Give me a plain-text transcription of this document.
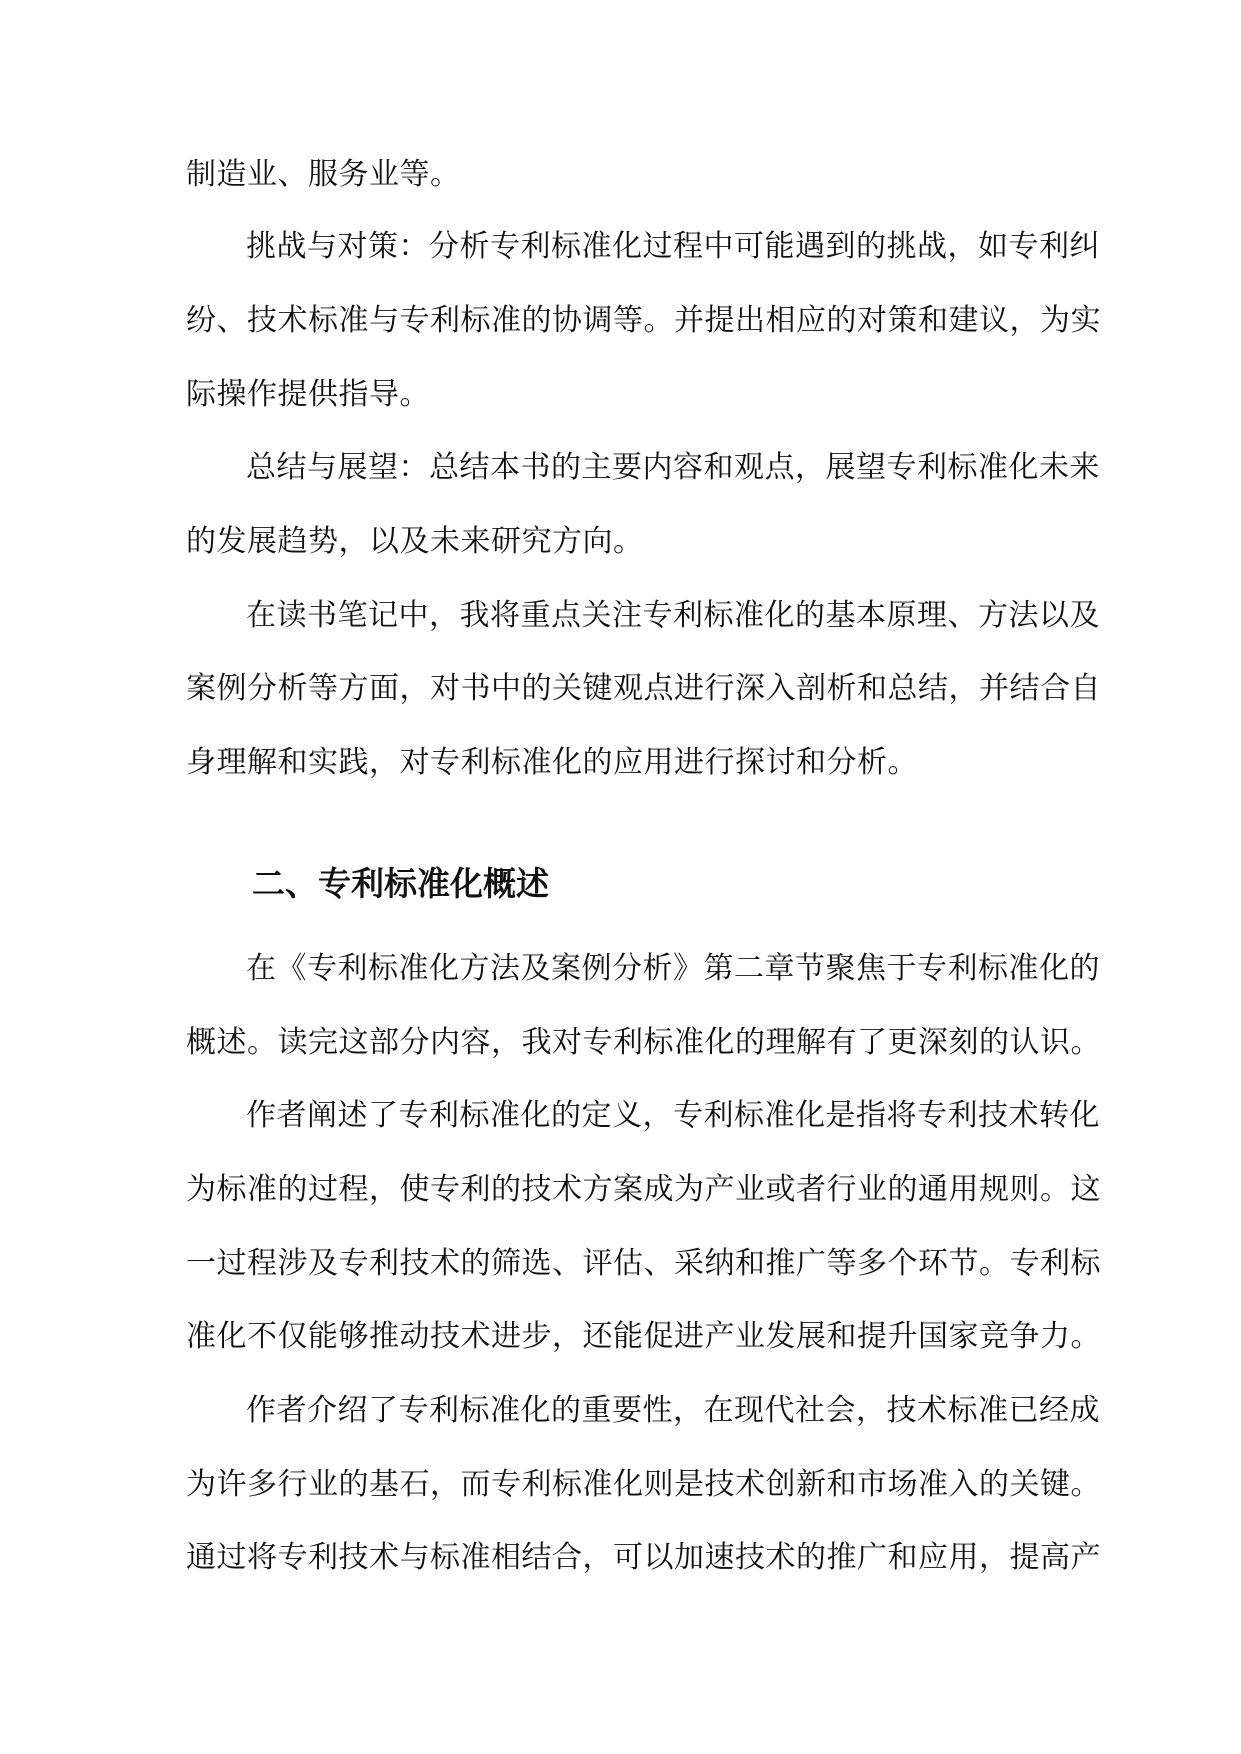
制造业、服务业等。
挑战与对策：分析专利标准化过程中可能遇到的挑战，如专利纠
纷、技术标准与专利标准的协调等。并提出相应的对策和建议，为实
际操作提供指导。
总结与展望：总结本书的主要内容和观点，展望专利标准化未来
的发展趋势，以及未来研究方向。
在读书笔记中，我将重点关注专利标准化的基本原理、方法以及
案例分析等方面，对书中的关键观点进行深入剖析和总结，并结合自
身理解和实践，对专利标准化的应用进行探讨和分析。
二、专利标准化概述
在《专利标准化方法及案例分析》第二章节聚焦于专利标准化的
概述。读完这部分内容，我对专利标准化的理解有了更深刻的认识。
作者阐述了专利标准化的定义，专利标准化是指将专利技术转化
为标准的过程，使专利的技术方案成为产业或者行业的通用规则。这
一过程涉及专利技术的筛选、评估、采纳和推广等多个环节。专利标
准化不仅能够推动技术进步，还能促进产业发展和提升国家竞争力。
作者介绍了专利标准化的重要性，在现代社会，技术标准已经成
为许多行业的基石，而专利标准化则是技术创新和市场准入的关键。
通过将专利技术与标准相结合，可以加速技术的推广和应用，提高产
